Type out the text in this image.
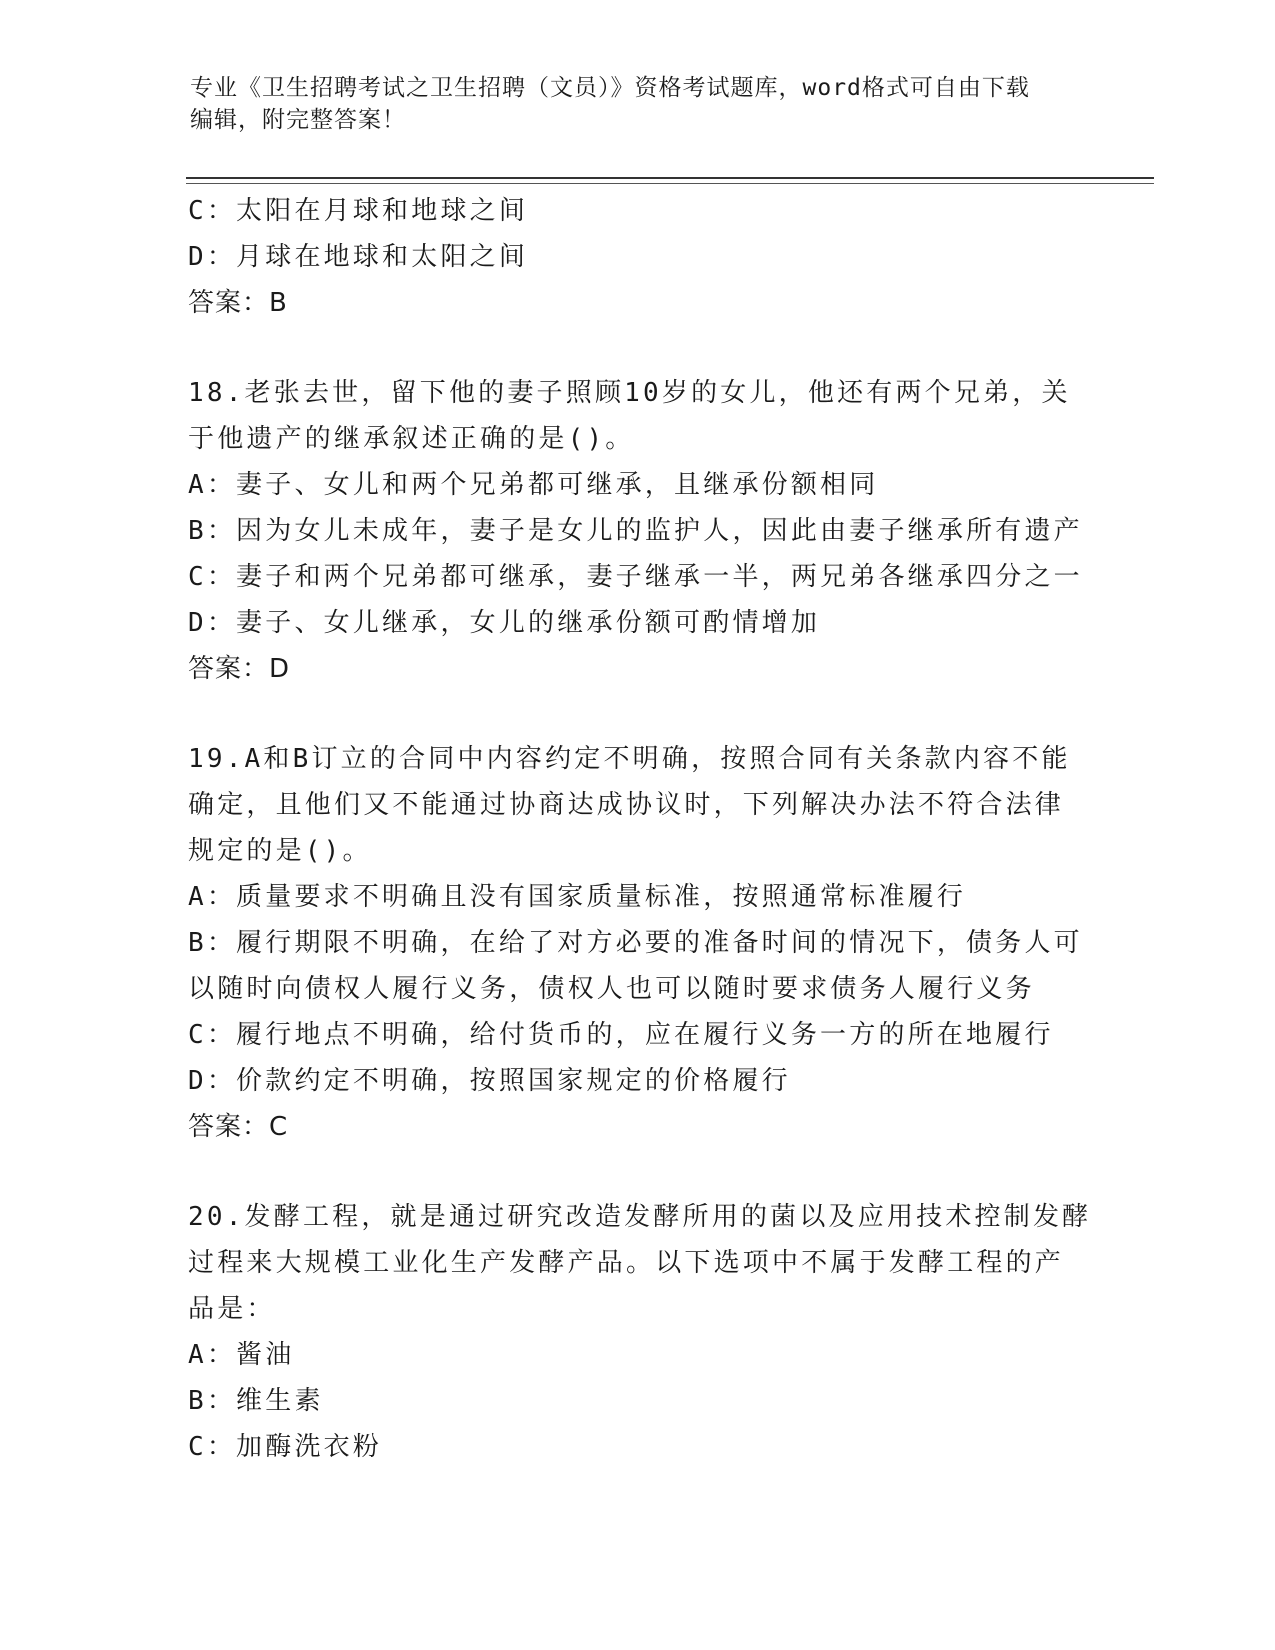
专业《卫生招聘考试之卫生招聘（文员）》资格考试题库，word格式可自由下载
编辑，附完整答案！
C：太阳在月球和地球之间
D：月球在地球和太阳之间
答案：B
18.老张去世，留下他的妻子照顾10岁的女儿，他还有两个兄弟，关
于他遗产的继承叙述正确的是()。
A：妻子、女儿和两个兄弟都可继承，且继承份额相同
B：因为女儿未成年，妻子是女儿的监护人，因此由妻子继承所有遗产
C：妻子和两个兄弟都可继承，妻子继承一半，两兄弟各继承四分之一
D：妻子、女儿继承，女儿的继承份额可酌情增加
答案：D
19.A和B订立的合同中内容约定不明确，按照合同有关条款内容不能
确定，且他们又不能通过协商达成协议时，下列解决办法不符合法律
规定的是()。
A：质量要求不明确且没有国家质量标准，按照通常标准履行
B：履行期限不明确，在给了对方必要的准备时间的情况下，债务人可
以随时向债权人履行义务，债权人也可以随时要求债务人履行义务
C：履行地点不明确，给付货币的，应在履行义务一方的所在地履行
D：价款约定不明确，按照国家规定的价格履行
答案：C
20.发酵工程，就是通过研究改造发酵所用的菌以及应用技术控制发酵
过程来大规模工业化生产发酵产品。以下选项中不属于发酵工程的产
品是：
A：酱油
B：维生素
C：加酶洗衣粉
